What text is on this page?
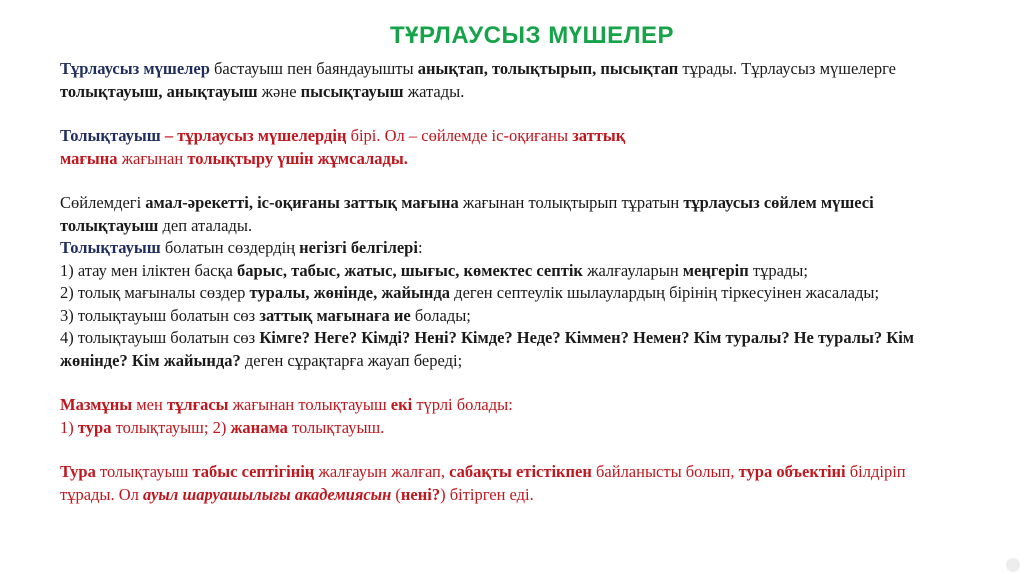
ТҰРЛАУСЫЗ МҮШЕЛЕР

Тұрлаусыз мүшелер бастауыш пен баяндауышты анықтап, толықтырып, пысықтап тұрады. Тұрлаусыз мүшелерге толықтауыш, анықтауыш және пысықтауыш жатады.

Толықтауыш – тұрлаусыз мүшелердің бірі. Ол – сөйлемде іс-оқиғаны заттық
мағына жағынан толықтыру үшін жұмсалады.

Сөйлемдегі амал-әрекетті, іс-оқиғаны заттық мағына жағынан толықтырып тұратын тұрлаусыз сөйлем мүшесі толықтауыш деп аталады.

Толықтауыш болатын сөздердің негізгі белгілері:

1) атау мен іліктен басқа барыс, табыс, жатыс, шығыс, көмектес септік жалғауларын меңгеріп тұрады;

2) толық мағыналы сөздер туралы, жөнінде, жайында деген септеулік шылаулардың бірінің тіркесуінен жасалады;

3) толықтауыш болатын сөз заттық мағынаға ие болады;

4) толықтауыш болатын сөз Кімге? Неге? Кімді? Нені? Кімде? Неде? Кіммен? Немен? Кім туралы? Не туралы? Кім жөнінде? Кім жайында? деген сұрақтарға жауап береді;

Мазмұны мен тұлғасы жағынан толықтауыш екі түрлі болады:

1) тура толықтауыш; 2) жанама толықтауыш.

Тура толықтауыш табыс септігінің жалғауын жалғап, сабақты етістікпен байланысты болып, тура объектіні білдіріп тұрады. Ол ауыл шаруашылығы академиясын (нені?) бітірген еді.
